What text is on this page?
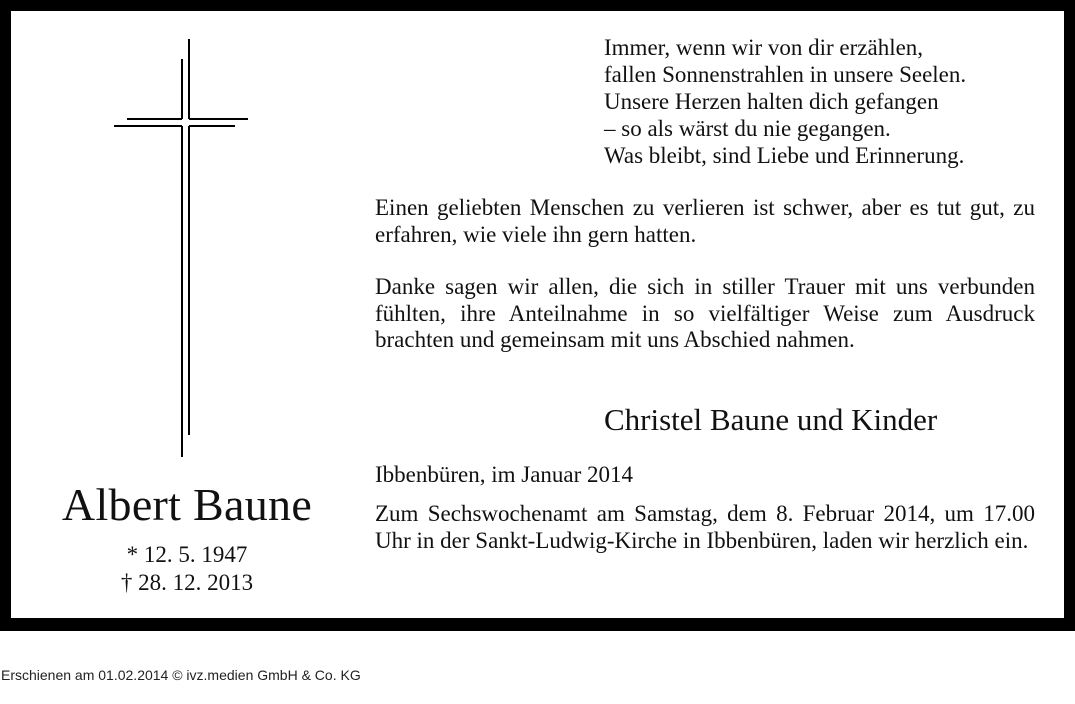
Albert Baune
* 12. 5. 1947
† 28. 12. 2013
Immer, wenn wir von dir erzählen,
fallen Sonnenstrahlen in unsere Seelen.
Unsere Herzen halten dich gefangen
– so als wärst du nie gegangen.
Was bleibt, sind Liebe und Erinnerung.
Einen geliebten Menschen zu verlieren ist schwer, aber es tut gut, zu erfahren, wie viele ihn gern hatten.
Danke sagen wir allen, die sich in stiller Trauer mit uns verbunden fühlten, ihre Anteilnahme in so vielfältiger Weise zum Ausdruck brachten und gemeinsam mit uns Abschied nahmen.
Christel Baune und Kinder
Ibbenbüren, im Januar 2014
Zum Sechswochenamt am Samstag, dem 8. Februar 2014, um 17.00 Uhr in der Sankt-Ludwig-Kirche in Ibbenbüren, laden wir herzlich ein.
Erschienen am 01.02.2014 © ivz.medien GmbH & Co. KG
